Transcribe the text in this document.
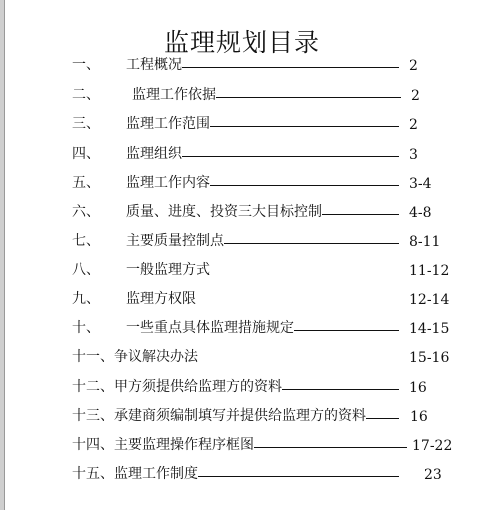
监理规划目录
一、 工程概况	2
二、 监理工作依据	2
三、 监理工作范围	2
四、 监理组织	3
五、 监理工作内容	3-4
六、 质量、进度、投资三大目标控制	4-8
七、 主要质量控制点	8-11
八、 一般监理方式	11-12
九、 监理方权限	12-14
十、 一些重点具体监理措施规定	14-15
十一、 争议解决办法	15-16
十二、 甲方须提供给监理方的资料	16
十三、 承建商须编制填写并提供给监理方的资料	16
十四、 主要监理操作程序框图	17-22
十五、 监理工作制度	23
